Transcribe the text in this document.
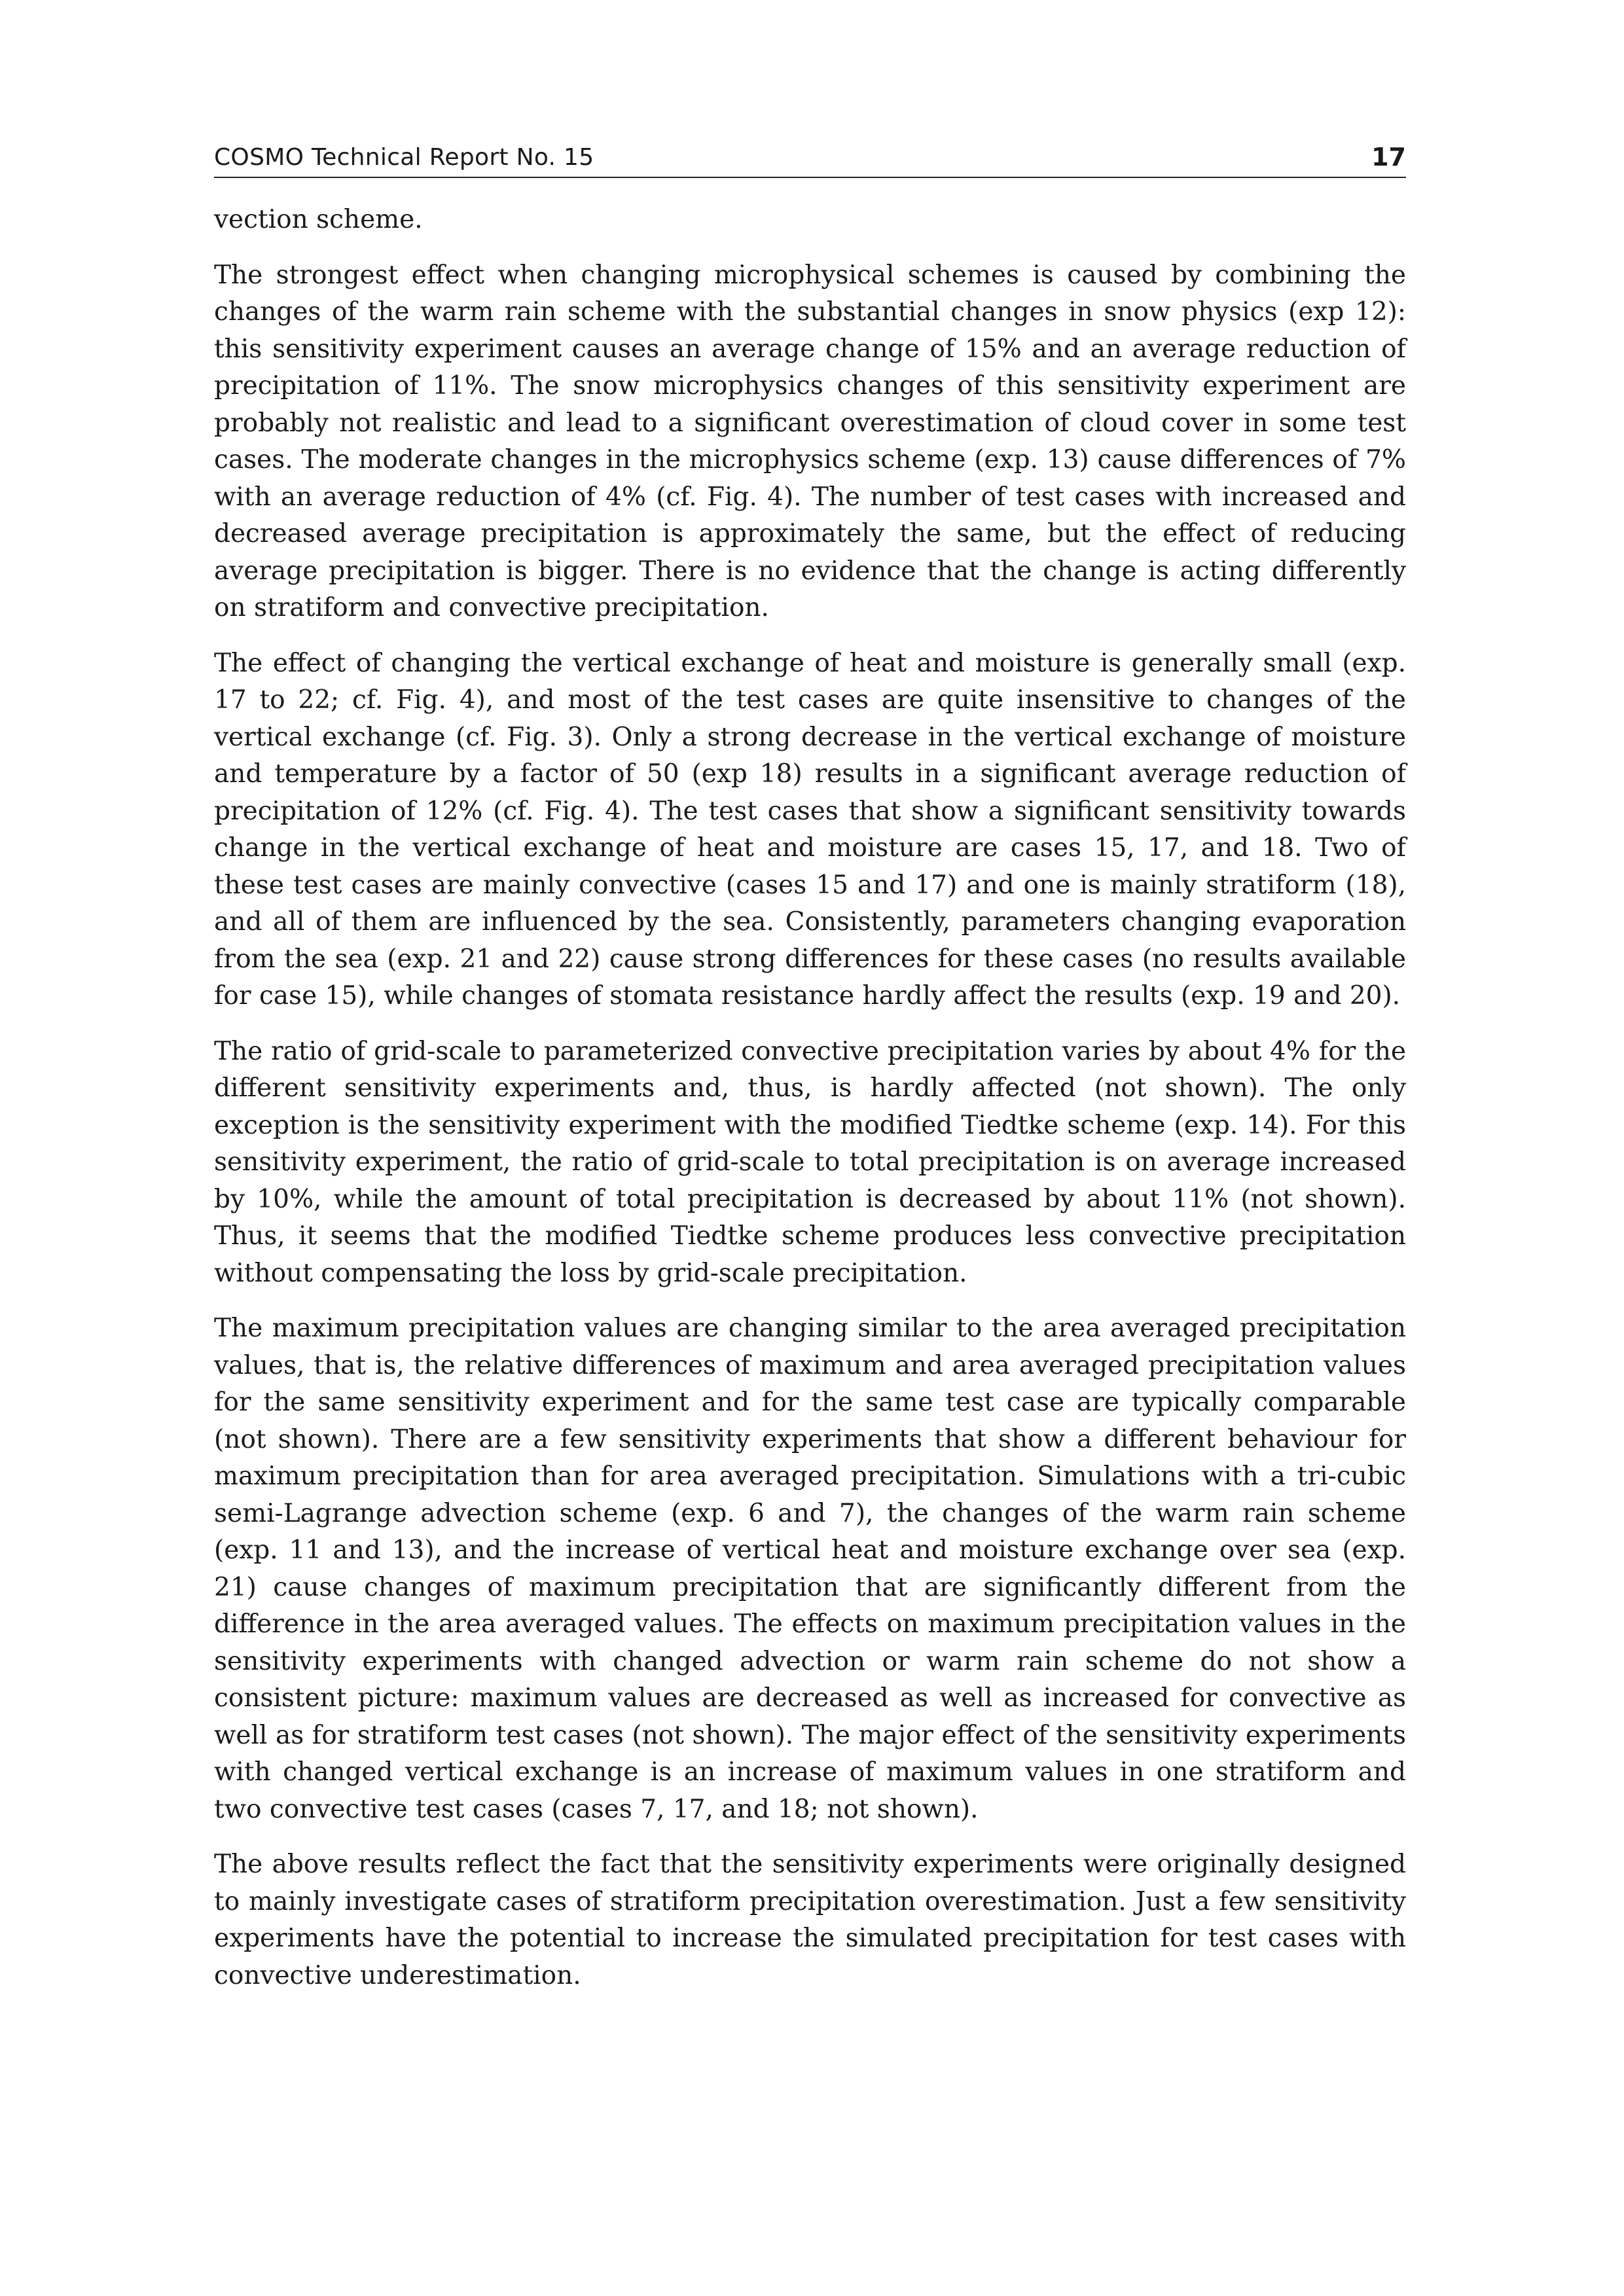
COSMO Technical Report No. 15	17

vection scheme.

The strongest effect when changing microphysical schemes is caused by combining the changes of the warm rain scheme with the substantial changes in snow physics (exp 12): this sensitivity experiment causes an average change of 15% and an average reduction of precipitation of 11%. The snow microphysics changes of this sensitivity experiment are probably not realistic and lead to a significant overestimation of cloud cover in some test cases. The moderate changes in the microphysics scheme (exp. 13) cause differences of 7% with an average reduction of 4% (cf. Fig. 4). The number of test cases with increased and decreased average precipitation is approximately the same, but the effect of reducing average precipitation is bigger. There is no evidence that the change is acting differently on stratiform and convective precipitation.

The effect of changing the vertical exchange of heat and moisture is generally small (exp. 17 to 22; cf. Fig. 4), and most of the test cases are quite insensitive to changes of the vertical exchange (cf. Fig. 3). Only a strong decrease in the vertical exchange of moisture and temperature by a factor of 50 (exp 18) results in a significant average reduction of precipitation of 12% (cf. Fig. 4). The test cases that show a significant sensitivity towards change in the vertical exchange of heat and moisture are cases 15, 17, and 18. Two of these test cases are mainly convective (cases 15 and 17) and one is mainly stratiform (18), and all of them are influenced by the sea. Consistently, parameters changing evaporation from the sea (exp. 21 and 22) cause strong differences for these cases (no results available for case 15), while changes of stomata resistance hardly affect the results (exp. 19 and 20).

The ratio of grid-scale to parameterized convective precipitation varies by about 4% for the different sensitivity experiments and, thus, is hardly affected (not shown). The only exception is the sensitivity experiment with the modified Tiedtke scheme (exp. 14). For this sensitivity experiment, the ratio of grid-scale to total precipitation is on average increased by 10%, while the amount of total precipitation is decreased by about 11% (not shown). Thus, it seems that the modified Tiedtke scheme produces less convective precipitation without compensating the loss by grid-scale precipitation.

The maximum precipitation values are changing similar to the area averaged precipitation values, that is, the relative differences of maximum and area averaged precipitation values for the same sensitivity experiment and for the same test case are typically comparable (not shown). There are a few sensitivity experiments that show a different behaviour for maximum precipitation than for area averaged precipitation. Simulations with a tri-cubic semi-Lagrange advection scheme (exp. 6 and 7), the changes of the warm rain scheme (exp. 11 and 13), and the increase of vertical heat and moisture exchange over sea (exp. 21) cause changes of maximum precipitation that are significantly different from the difference in the area averaged values. The effects on maximum precipitation values in the sensitivity experiments with changed advection or warm rain scheme do not show a consistent picture: maximum values are decreased as well as increased for convective as well as for stratiform test cases (not shown). The major effect of the sensitivity experiments with changed vertical exchange is an increase of maximum values in one stratiform and two convective test cases (cases 7, 17, and 18; not shown).

The above results reflect the fact that the sensitivity experiments were originally designed to mainly investigate cases of stratiform precipitation overestimation. Just a few sensitivity experiments have the potential to increase the simulated precipitation for test cases with convective underestimation.
